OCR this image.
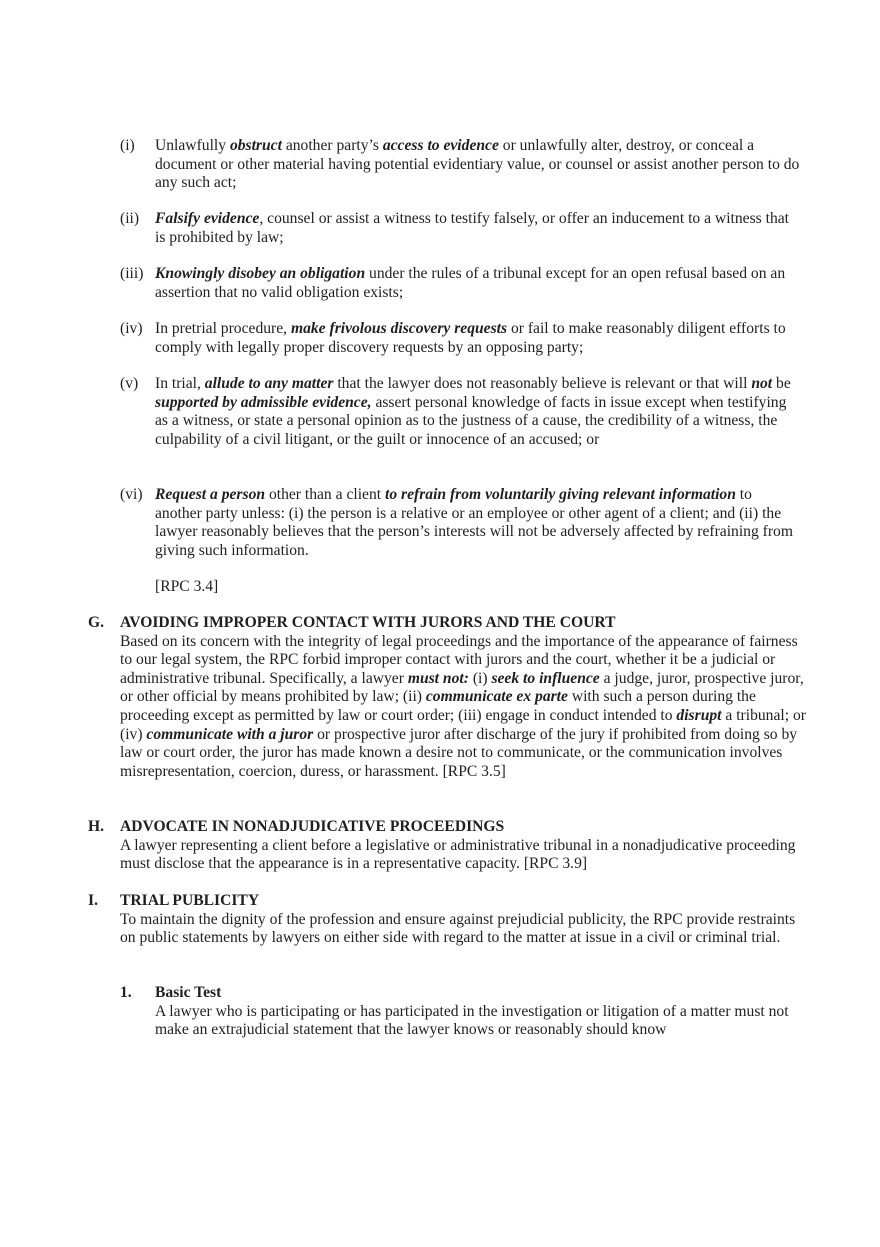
(i) Unlawfully obstruct another party’s access to evidence or unlawfully alter, destroy, or conceal a document or other material having potential evidentiary value, or counsel or assist another person to do any such act;
(ii) Falsify evidence, counsel or assist a witness to testify falsely, or offer an inducement to a witness that is prohibited by law;
(iii) Knowingly disobey an obligation under the rules of a tribunal except for an open refusal based on an assertion that no valid obligation exists;
(iv) In pretrial procedure, make frivolous discovery requests or fail to make reasonably diligent efforts to comply with legally proper discovery requests by an opposing party;
(v) In trial, allude to any matter that the lawyer does not reasonably believe is relevant or that will not be supported by admissible evidence, assert personal knowledge of facts in issue except when testifying as a witness, or state a personal opinion as to the justness of a cause, the credibility of a witness, the culpability of a civil litigant, or the guilt or innocence of an accused; or
(vi) Request a person other than a client to refrain from voluntarily giving relevant information to another party unless: (i) the person is a relative or an employee or other agent of a client; and (ii) the lawyer reasonably believes that the person’s interests will not be adversely affected by refraining from giving such information.
[RPC 3.4]
G. AVOIDING IMPROPER CONTACT WITH JURORS AND THE COURT
Based on its concern with the integrity of legal proceedings and the importance of the appearance of fairness to our legal system, the RPC forbid improper contact with jurors and the court, whether it be a judicial or administrative tribunal. Specifically, a lawyer must not: (i) seek to influence a judge, juror, prospective juror, or other official by means prohibited by law; (ii) communicate ex parte with such a person during the proceeding except as permitted by law or court order; (iii) engage in conduct intended to disrupt a tribunal; or (iv) communicate with a juror or prospective juror after discharge of the jury if prohibited from doing so by law or court order, the juror has made known a desire not to communicate, or the communication involves misrepresentation, coercion, duress, or harassment. [RPC 3.5]
H. ADVOCATE IN NONADJUDICATIVE PROCEEDINGS
A lawyer representing a client before a legislative or administrative tribunal in a nonadjudicative proceeding must disclose that the appearance is in a representative capacity. [RPC 3.9]
I. TRIAL PUBLICITY
To maintain the dignity of the profession and ensure against prejudicial publicity, the RPC provide restraints on public statements by lawyers on either side with regard to the matter at issue in a civil or criminal trial.
1. Basic Test
A lawyer who is participating or has participated in the investigation or litigation of a matter must not make an extrajudicial statement that the lawyer knows or reasonably should know
